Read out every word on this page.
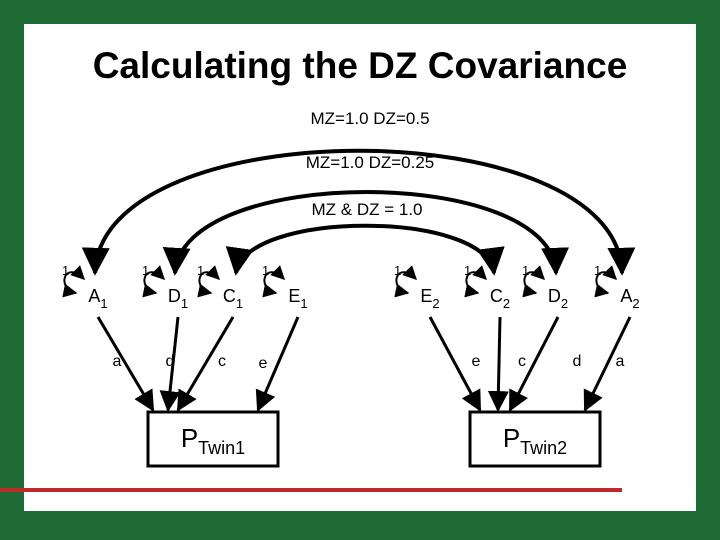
MZ=1.0 DZ=0.5
MZ=1.0 DZ=0.25
MZ & DZ = 1.0
1
$A_1$
1
$D_1$
1
$C_1$
1
$E_1$
1
$E_2$
1
$C_2$
1
$D_2$
1
$A_2$
a	d	c e	e c	d a
$P_{Twin1}$	$P_{Twin2}$
Calculating the DZ Covariance
